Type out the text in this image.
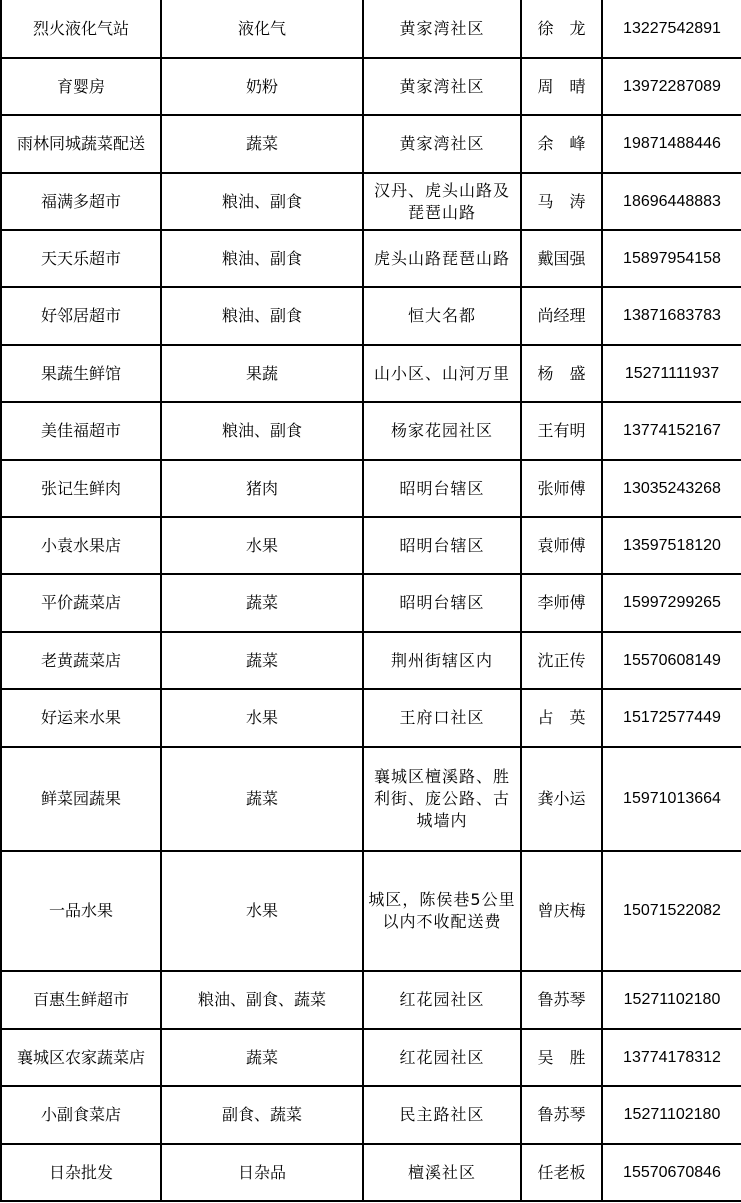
烈火液化气站	液化气	黄家湾社区	徐　龙	13227542891
育婴房	奶粉	黄家湾社区	周　晴	13972287089
雨林同城蔬菜配送	蔬菜	黄家湾社区	余　峰	19871488446
福满多超市	粮油、副食	汉丹、虎头山路及琵琶山路	马　涛	18696448883
天天乐超市	粮油、副食	虎头山路琵琶山路	戴国强	15897954158
好邻居超市	粮油、副食	恒大名都	尚经理	13871683783
果蔬生鲜馆	果蔬	山小区、山河万里	杨　盛	15271111937
美佳福超市	粮油、副食	杨家花园社区	王有明	13774152167
张记生鲜肉	猪肉	昭明台辖区	张师傅	13035243268
小袁水果店	水果	昭明台辖区	袁师傅	13597518120
平价蔬菜店	蔬菜	昭明台辖区	李师傅	15997299265
老黄蔬菜店	蔬菜	荆州街辖区内	沈正传	15570608149
好运来水果	水果	王府口社区	占　英	15172577449
鲜菜园蔬果	蔬菜	襄城区檀溪路、胜利街、庞公路、古城墙内	龚小运	15971013664
一品水果	水果	城区，陈侯巷5公里以内不收配送费	曾庆梅	15071522082
百惠生鲜超市	粮油、副食、蔬菜	红花园社区	鲁苏琴	15271102180
襄城区农家蔬菜店	蔬菜	红花园社区	吴　胜	13774178312
小副食菜店	副食、蔬菜	民主路社区	鲁苏琴	15271102180
日杂批发	日杂品	檀溪社区	任老板	15570670846
